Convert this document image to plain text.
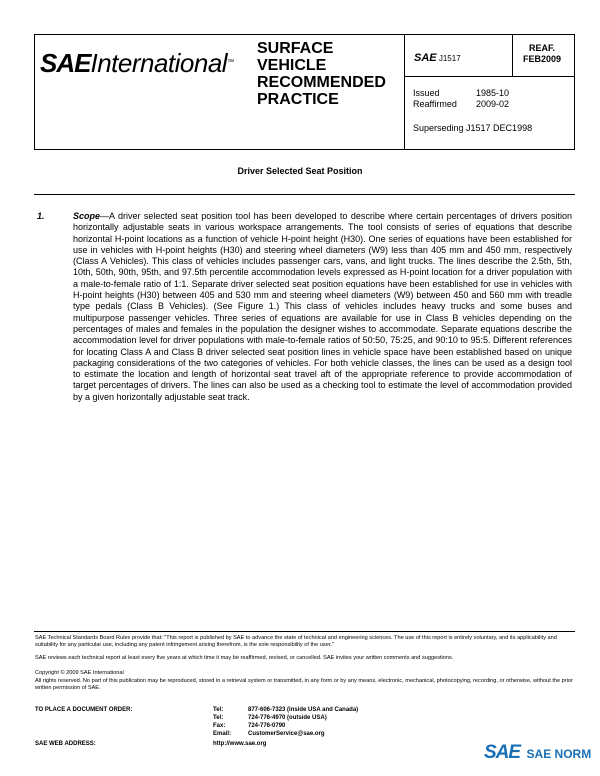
SAEInternational™
SURFACE
VEHICLE
RECOMMENDED
PRACTICE
SAE J1517
REAF.
FEB2009
Issued	1985-10
Reaffirmed 2009-02
Superseding J1517 DEC1998
Driver Selected Seat Position
1.	Scope—A driver selected seat position tool has been developed to describe where certain percentages of drivers position horizontally adjustable seats in various workspace arrangements. The tool consists of series of equations that describe horizontal H-point locations as a function of vehicle H-point height (H30). One series of equations have been established for use in vehicles with H-point heights (H30) and steering wheel diameters (W9) less than 405 mm and 450 mm, respectively (Class A Vehicles). This class of vehicles includes passenger cars, vans, and light trucks. The lines describe the 2.5th, 5th, 10th, 50th, 90th, 95th, and 97.5th percentile accommodation levels expressed as H-point location for a driver population with a male-to-female ratio of 1:1. Separate driver selected seat position equations have been established for use in vehicles with H-point heights (H30) between 405 and 530 mm and steering wheel diameters (W9) between 450 and 560 mm with treadle type pedals (Class B Vehicles). (See Figure 1.) This class of vehicles includes heavy trucks and some buses and multipurpose passenger vehicles. Three series of equations are available for use in Class B vehicles depending on the percentages of males and females in the population the designer wishes to accommodate. Separate equations describe the accommodation level for driver populations with male-to-female ratios of 50:50, 75:25, and 90:10 to 95:5. Different references for locating Class A and Class B driver selected seat position lines in vehicle space have been established based on unique packaging considerations of the two categories of vehicles. For both vehicle classes, the lines can be used as a design tool to estimate the location and length of horizontal seat travel aft of the appropriate reference to provide accommodation of target percentages of drivers. The lines can also be used as a checking tool to estimate the level of accommodation provided by a given horizontally adjustable seat track.
SAE Technical Standards Board Rules provide that: "This report is published by SAE to advance the state of technical and engineering sciences. The use of this report is entirely voluntary, and its applicability and suitability for any particular use, including any patent infringement arising therefrom, is the sole responsibility of the user."
SAE reviews each technical report at least every five years at which time it may be reaffirmed, revised, or cancelled. SAE invites your written comments and suggestions.
Copyright © 2009 SAE International
All rights reserved. No part of this publication may be reproduced, stored in a retrieval system or transmitted, in any form or by any means, electronic, mechanical, photocopying, recording, or otherwise, without the prior written permission of SAE.
TO PLACE A DOCUMENT ORDER:	Tel:	877-606-7323 (inside USA and Canada)
Tel:	724-776-4970 (outside USA)
Fax:	724-776-0790
Email:	CustomerService@sae.org
SAE WEB ADDRESS:	http://www.sae.org	SAE SAE NORM
